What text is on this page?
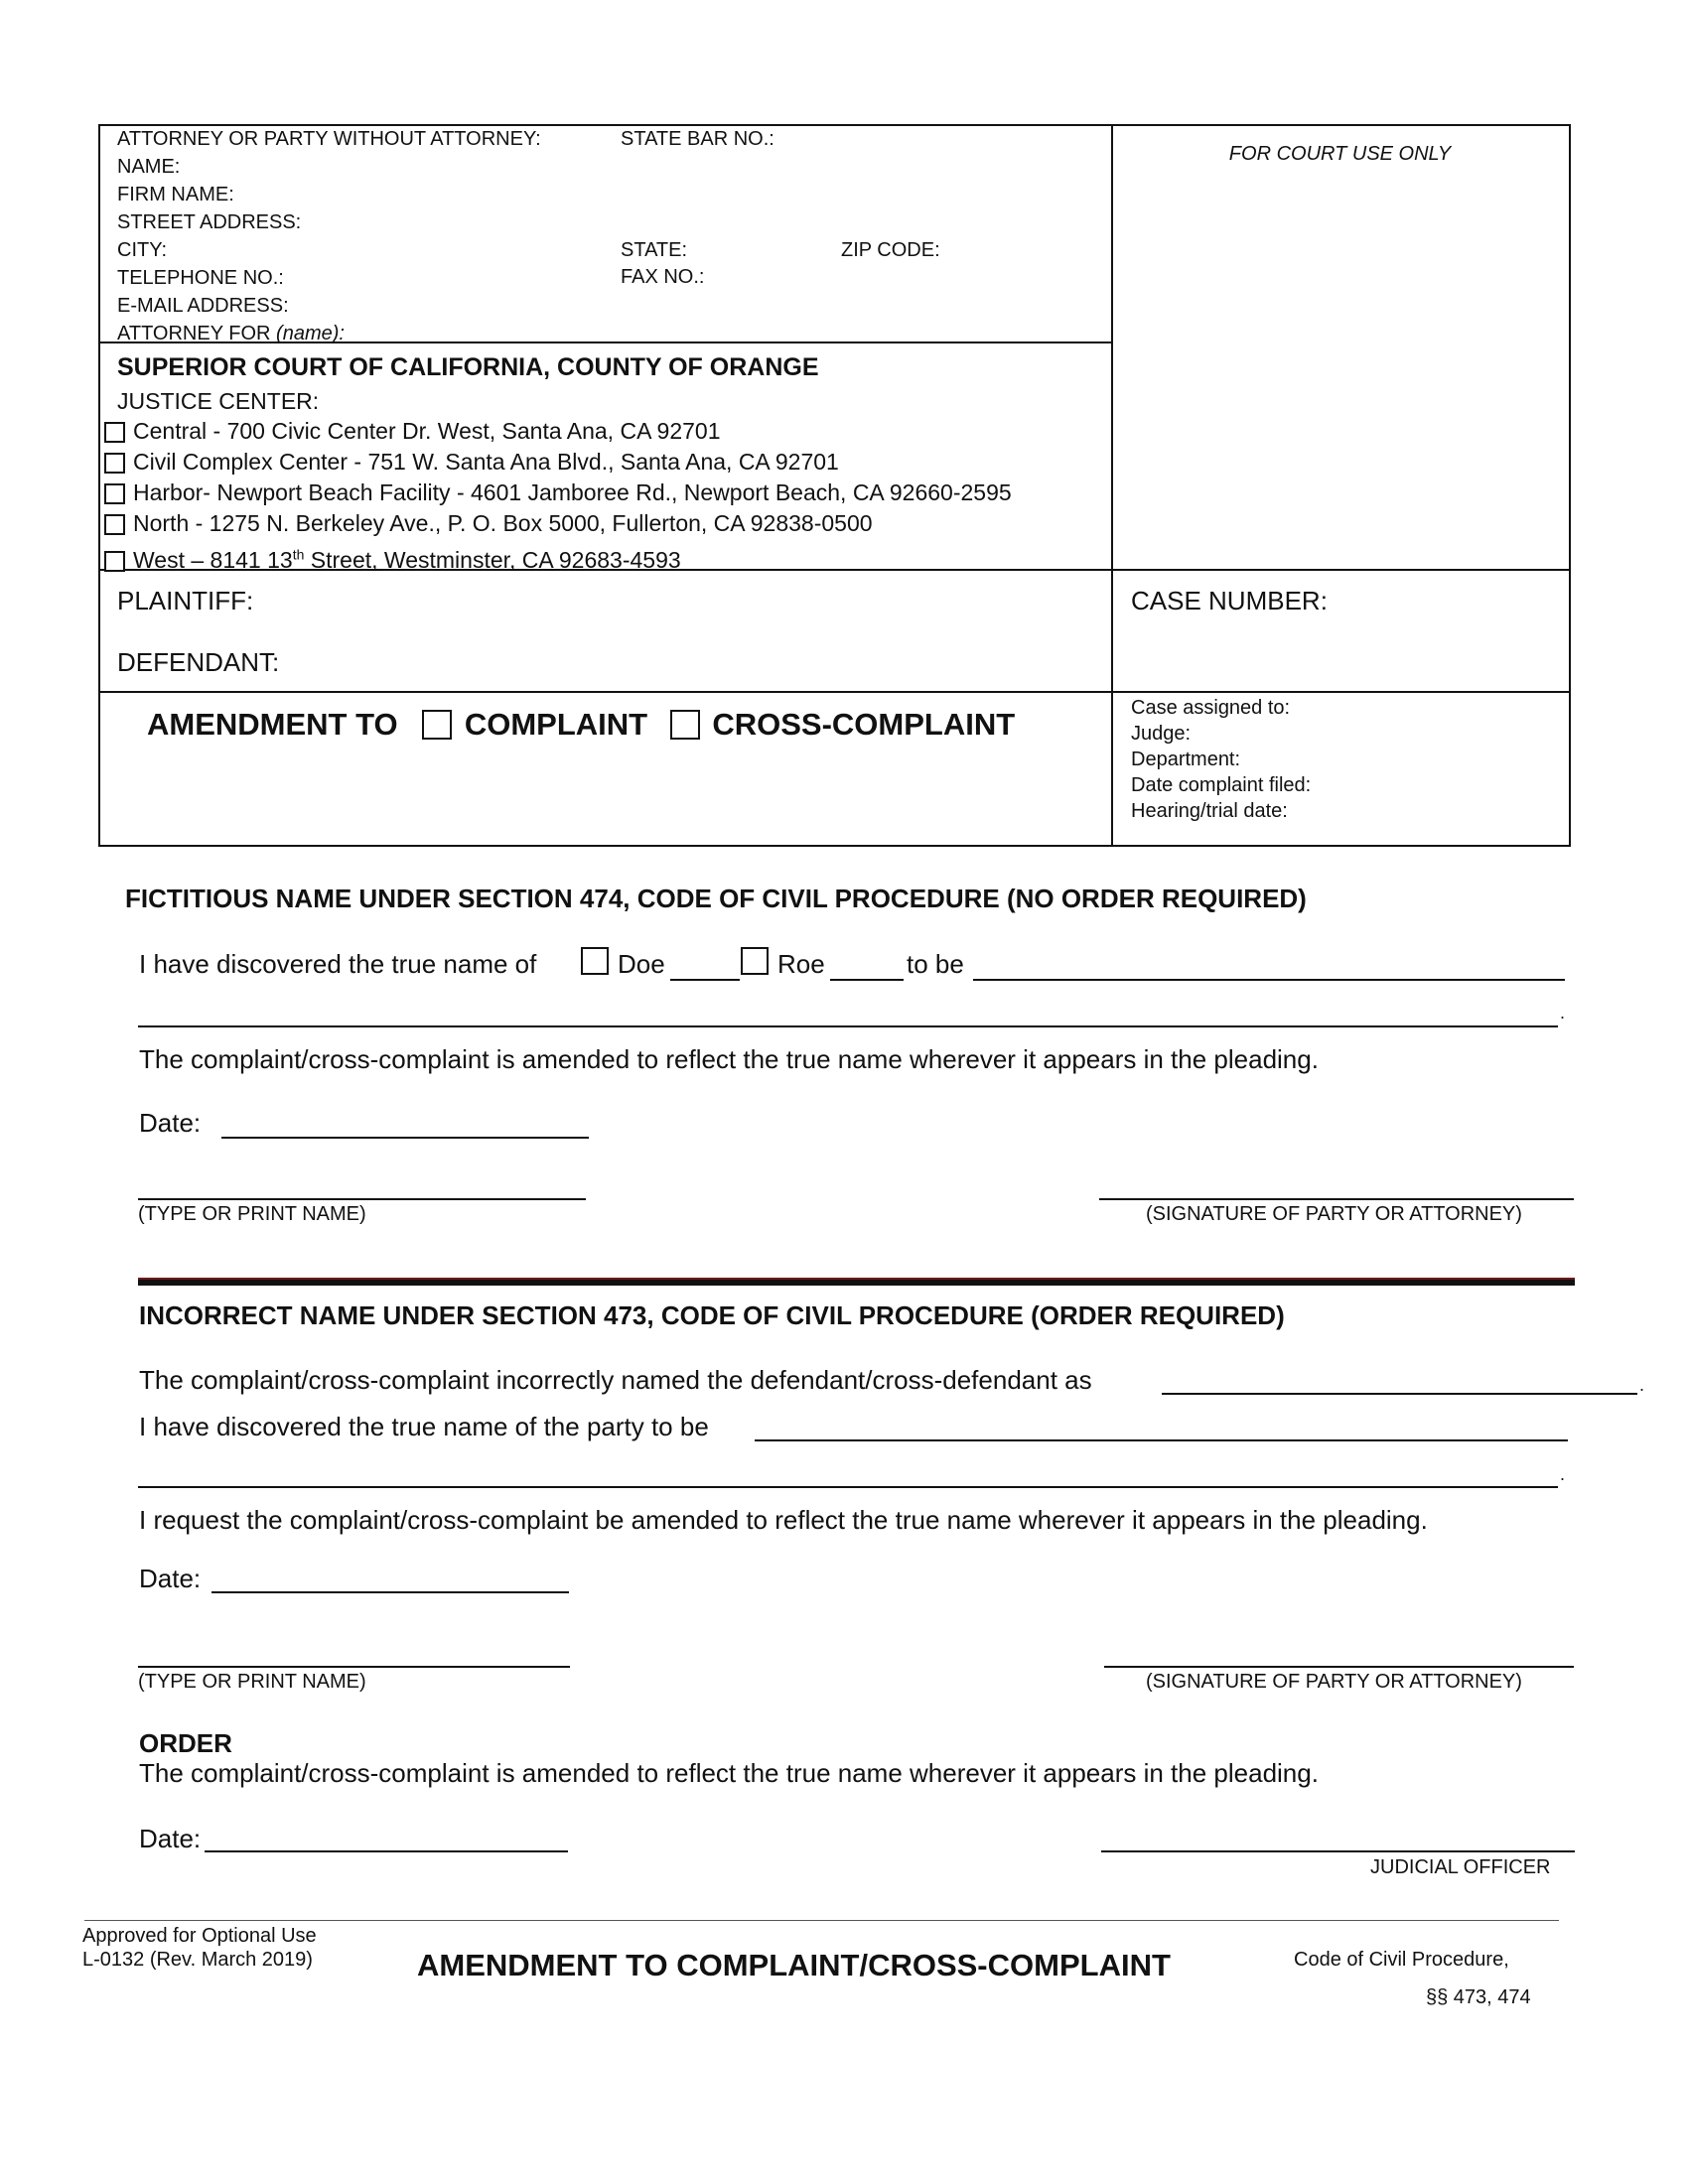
ATTORNEY OR PARTY WITHOUT ATTORNEY:
NAME:
FIRM NAME:
STREET ADDRESS:
CITY:
TELEPHONE NO.:
E-MAIL ADDRESS:
ATTORNEY FOR (name):
STATE BAR NO.:
STATE:	ZIP CODE:
FAX NO.:
FOR COURT USE ONLY
SUPERIOR COURT OF CALIFORNIA, COUNTY OF ORANGE
JUSTICE CENTER:
Central - 700 Civic Center Dr. West, Santa Ana, CA 92701
Civil Complex Center - 751 W. Santa Ana Blvd., Santa Ana, CA 92701
Harbor- Newport Beach Facility - 4601 Jamboree Rd., Newport Beach, CA 92660-2595
North - 1275 N. Berkeley Ave., P. O. Box 5000, Fullerton, CA 92838-0500
West – 8141 13th Street, Westminster, CA 92683-4593
PLAINTIFF:
DEFENDANT:
CASE NUMBER:
AMENDMENT TO COMPLAINT CROSS-COMPLAINT	Case assigned to:
Judge:
Department:
Date complaint filed:
Hearing/trial date:
FICTITIOUS NAME UNDER SECTION 474, CODE OF CIVIL PROCEDURE (NO ORDER REQUIRED)
I have discovered the true name of	Doe	Roe	to be
.
The complaint/cross-complaint is amended to reflect the true name wherever it appears in the pleading.
Date:
(TYPE OR PRINT NAME)	(SIGNATURE OF PARTY OR ATTORNEY)
INCORRECT NAME UNDER SECTION 473, CODE OF CIVIL PROCEDURE (ORDER REQUIRED)
The complaint/cross-complaint incorrectly named the defendant/cross-defendant as	.
I have discovered the true name of the party to be
.
I request the complaint/cross-complaint be amended to reflect the true name wherever it appears in the pleading.
Date:
(TYPE OR PRINT NAME)	(SIGNATURE OF PARTY OR ATTORNEY)
ORDER
The complaint/cross-complaint is amended to reflect the true name wherever it appears in the pleading.
Date:
JUDICIAL OFFICER
Approved for Optional Use
L-0132 (Rev. March 2019)	AMENDMENT TO COMPLAINT/CROSS-COMPLAINT	Code of Civil Procedure,
§§ 473, 474
